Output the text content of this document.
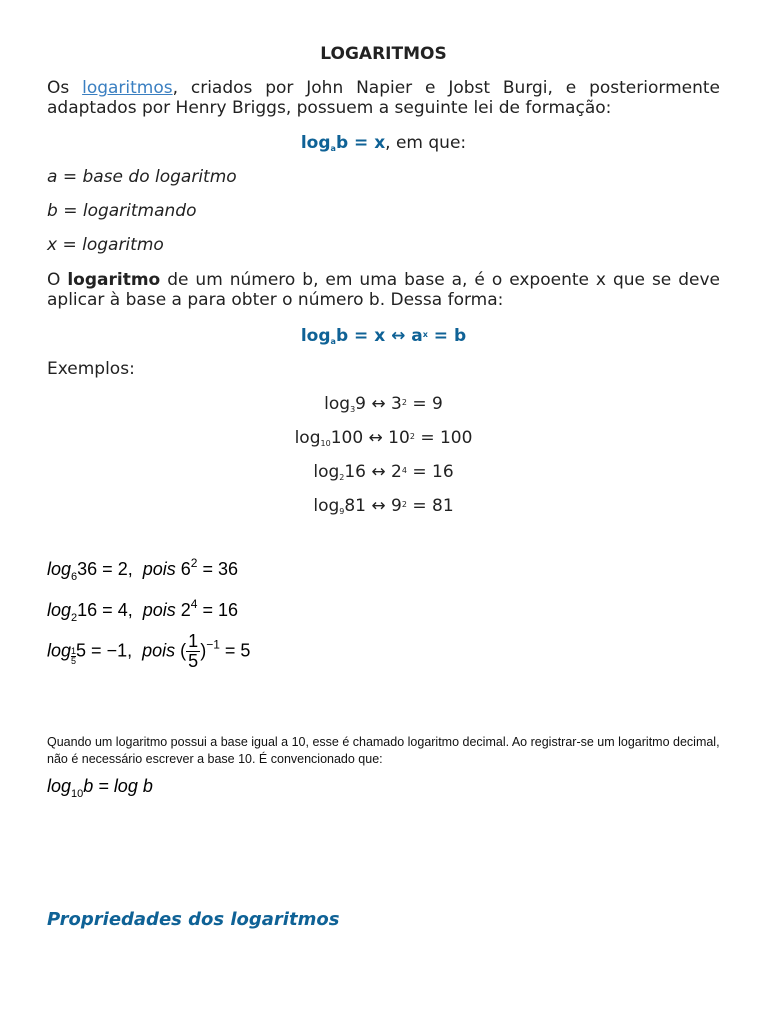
LOGARITMOS

Os logaritmos, criados por John Napier e Jobst Burgi, e posteriormente adaptados por Henry Briggs, possuem a seguinte lei de formação:

$\log_ab = x$, em que:

a = base do logaritmo

b = logaritmando

x = logaritmo

O logaritmo de um número b, em uma base a, é o expoente x que se deve aplicar à base a para obter o número b. Dessa forma:

$\log_ab = x$ ↔ $a^x = b$

Exemplos:

$\log_39$ ↔ $3^2 = 9$

$\log_{10}100$ ↔ $10^2 = 100$

$\log_216$ ↔ $2^4 = 16$

$\log_981$ ↔ $9^2 = 81$

$\log_636 = 2$, pois $6^2 = 36$
$\log_216 = 4$, pois $2^4 = 16$
$\log \frac{1}{5}5 = -1$, pois ( $\frac{1}{5} )^{-1} = 5$

Quando um logaritmo possui a base igual a 10, esse é chamado logaritmo decimal. Ao registrar-se um logaritmo decimal, não é necessário escrever a base 10. É convencionado que:

$\log_{10}b = \log b$

Propriedades dos logaritmos
